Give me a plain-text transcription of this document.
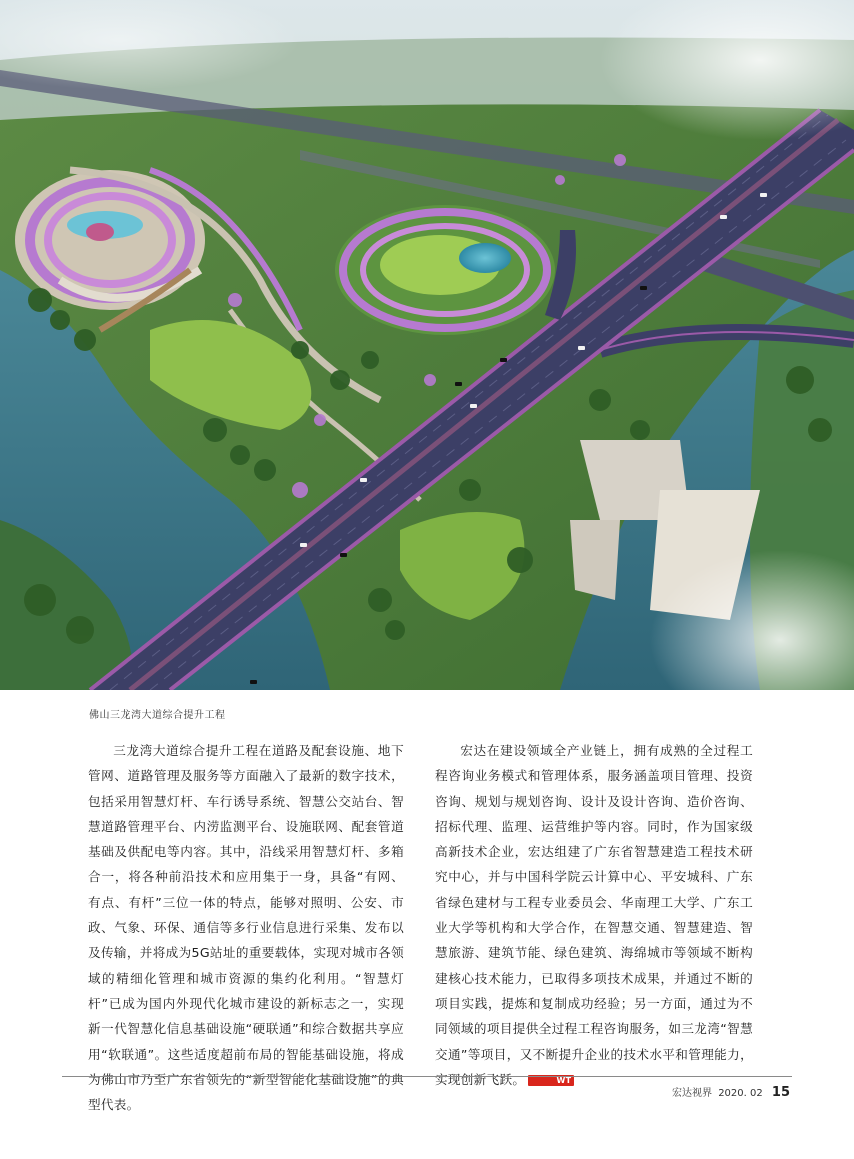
佛山三龙湾大道综合提升工程

三龙湾大道综合提升工程在道路及配套设施、地下管网、道路管理及服务等方面融入了最新的数字技术，包括采用智慧灯杆、车行诱导系统、智慧公交站台、智慧道路管理平台、内涝监测平台、设施联网、配套管道基础及供配电等内容。其中，沿线采用智慧灯杆、多箱合一，将各种前沿技术和应用集于一身，具备“有网、有点、有杆”三位一体的特点，能够对照明、公安、市政、气象、环保、通信等多行业信息进行采集、发布以及传输，并将成为5G站址的重要载体，实现对城市各领域的精细化管理和城市资源的集约化利用。“智慧灯杆”已成为国内外现代化城市建设的新标志之一，实现新一代智慧化信息基础设施“硬联通”和综合数据共享应用“软联通”。这些适度超前布局的智能基础设施，将成为佛山市乃至广东省领先的“新型智能化基础设施”的典型代表。

宏达在建设领域全产业链上，拥有成熟的全过程工程咨询业务模式和管理体系，服务涵盖项目管理、投资咨询、规划与规划咨询、设计及设计咨询、造价咨询、招标代理、监理、运营维护等内容。同时，作为国家级高新技术企业，宏达组建了广东省智慧建造工程技术研究中心，并与中国科学院云计算中心、平安城科、广东省绿色建材与工程专业委员会、华南理工大学、广东工业大学等机构和大学合作，在智慧交通、智慧建造、智慧旅游、建筑节能、绿色建筑、海绵城市等领域不断构建核心技术能力，已取得多项技术成果，并通过不断的项目实践，提炼和复制成功经验；另一方面，通过为不同领域的项目提供全过程工程咨询服务，如三龙湾“智慧交通”等项目，又不断提升企业的技术水平和管理能力，实现创新飞跃。	WT

宏达视界 2020. 02 15
